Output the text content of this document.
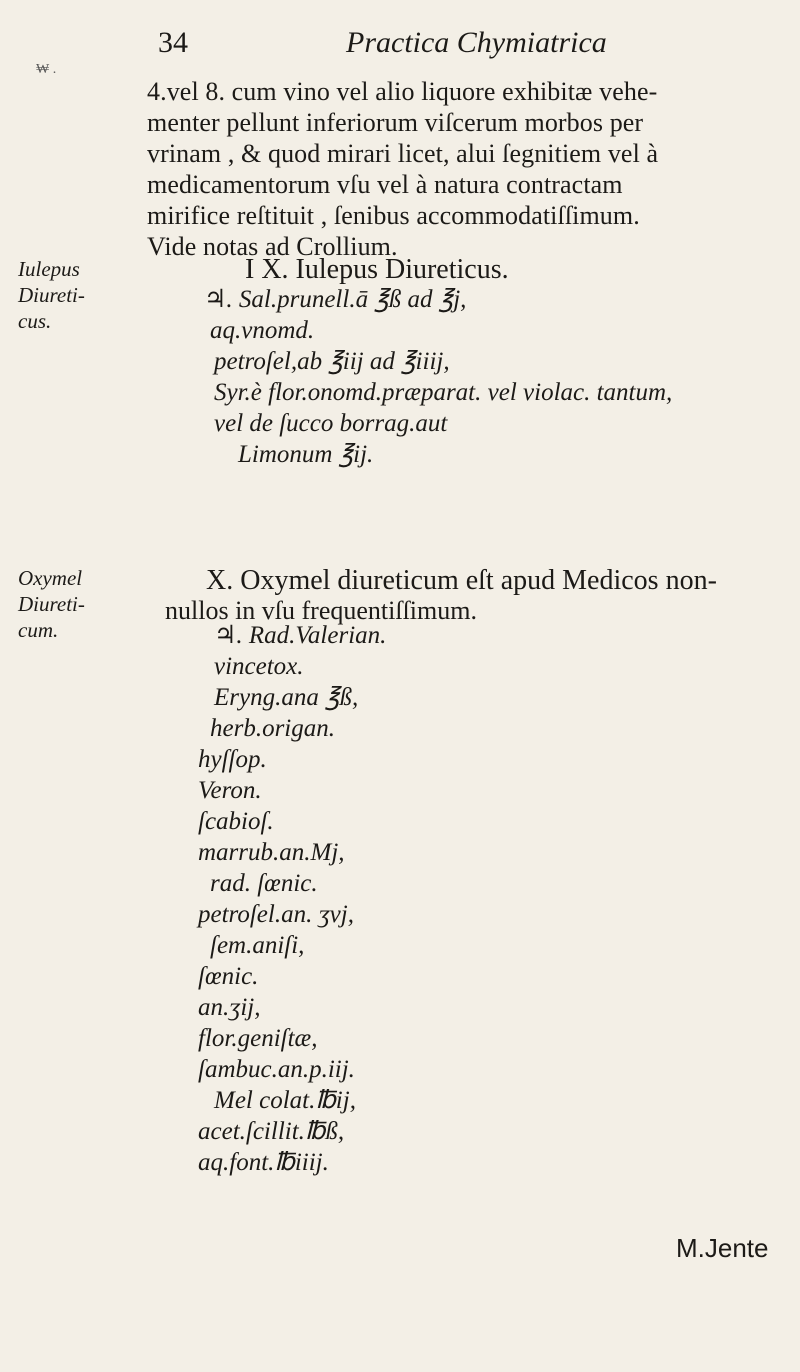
34	Practica Chymiatrica
₩ .
4.vel 8. cum vino vel alio liquore exhibitæ vehe-
menter pellunt inferiorum viſcerum morbos per
vrinam , & quod mirari licet, alui ſegnitiem vel à
medicamentorum vſu vel à natura contractam
mirifice reſtituit , ſenibus accommodatiſſimum.
Vide notas ad Crollium.
Iulepus
Diureti-
cus.
I X. Iulepus Diureticus.
♃. Sal.prunell.ā ℥ß ad ℥j,
aq.vnomd.
petroſel,ab ℥iij ad ℥iiij,
Syr.è flor.onomd.præparat. vel violac. tantum,
vel de ſucco borrag.aut
Limonum ℥ij.
Oxymel
Diureti-
cum.
X. Oxymel diureticum eſt apud Medicos non-
nullos in vſu frequentiſſimum.
♃. Rad.Valerian.
vincetox.
Eryng.ana ℥ß,
herb.origan.
hyſſop.
Veron.
ſcabioſ.
marrub.an.Mj,
rad. ſœnic.
petroſel.an. ʒvj,
ſem.aniſi,
ſœnic.
an.ʒij,
flor.geniſtæ,
ſambuc.an.p.iij.
Mel colat.℔ij,
acet.ſcillit.℔ß,
aq.font.℔iiij.
M.Jente
